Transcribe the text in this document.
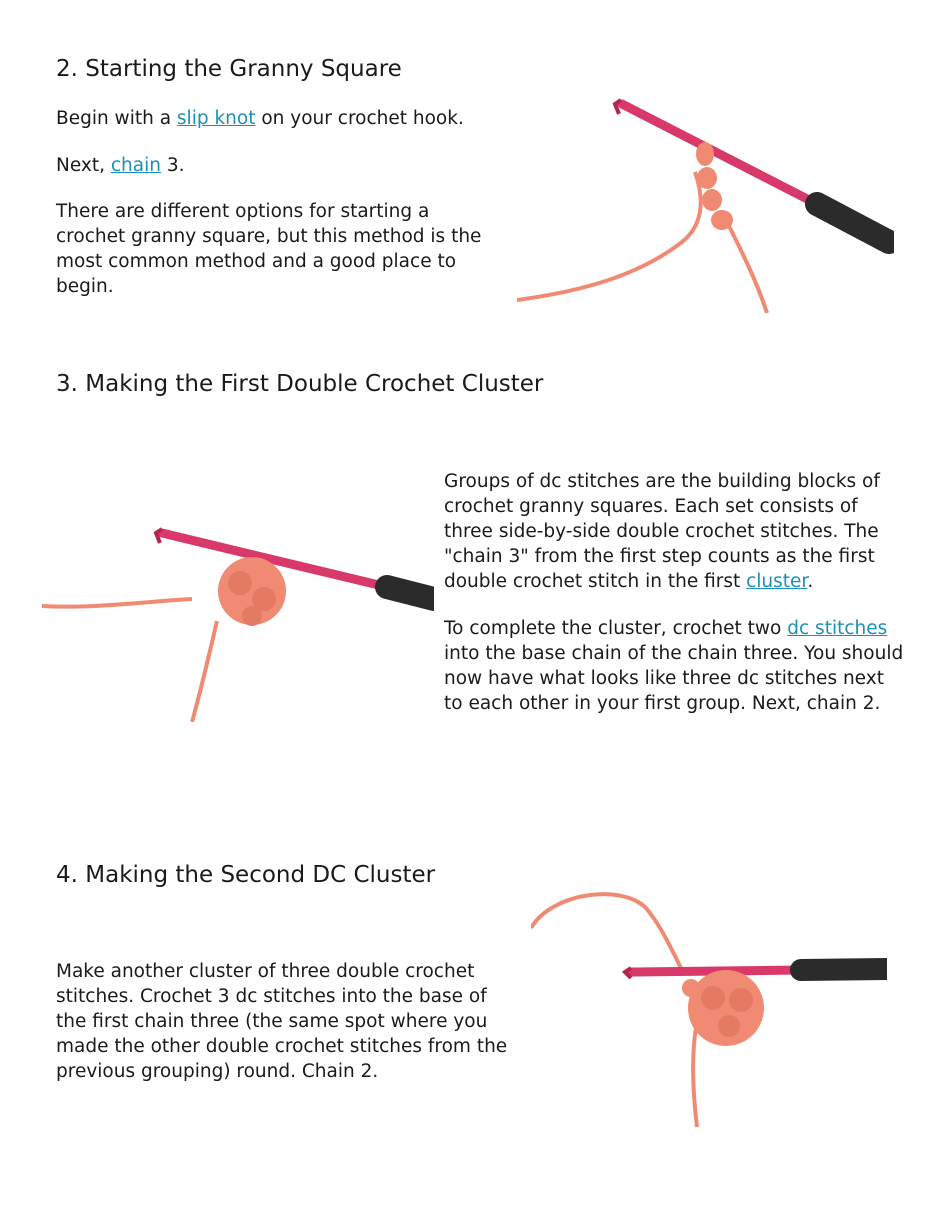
2. Starting the Granny Square

Begin with a slip knot on your crochet hook.

Next, chain 3.

There are different options for starting a crochet granny square, but this method is the most common method and a good place to begin.

3. Making the First Double Crochet Cluster

Groups of dc stitches are the building blocks of crochet granny squares. Each set consists of three side-by-side double crochet stitches. The "chain 3" from the first step counts as the first double crochet stitch in the first cluster.

To complete the cluster, crochet two dc stitches into the base chain of the chain three. You should now have what looks like three dc stitches next to each other in your first group. Next, chain 2.

4. Making the Second DC Cluster

Make another cluster of three double crochet stitches. Crochet 3 dc stitches into the base of the first chain three (the same spot where you made the other double crochet stitches from the previous grouping) round. Chain 2.
